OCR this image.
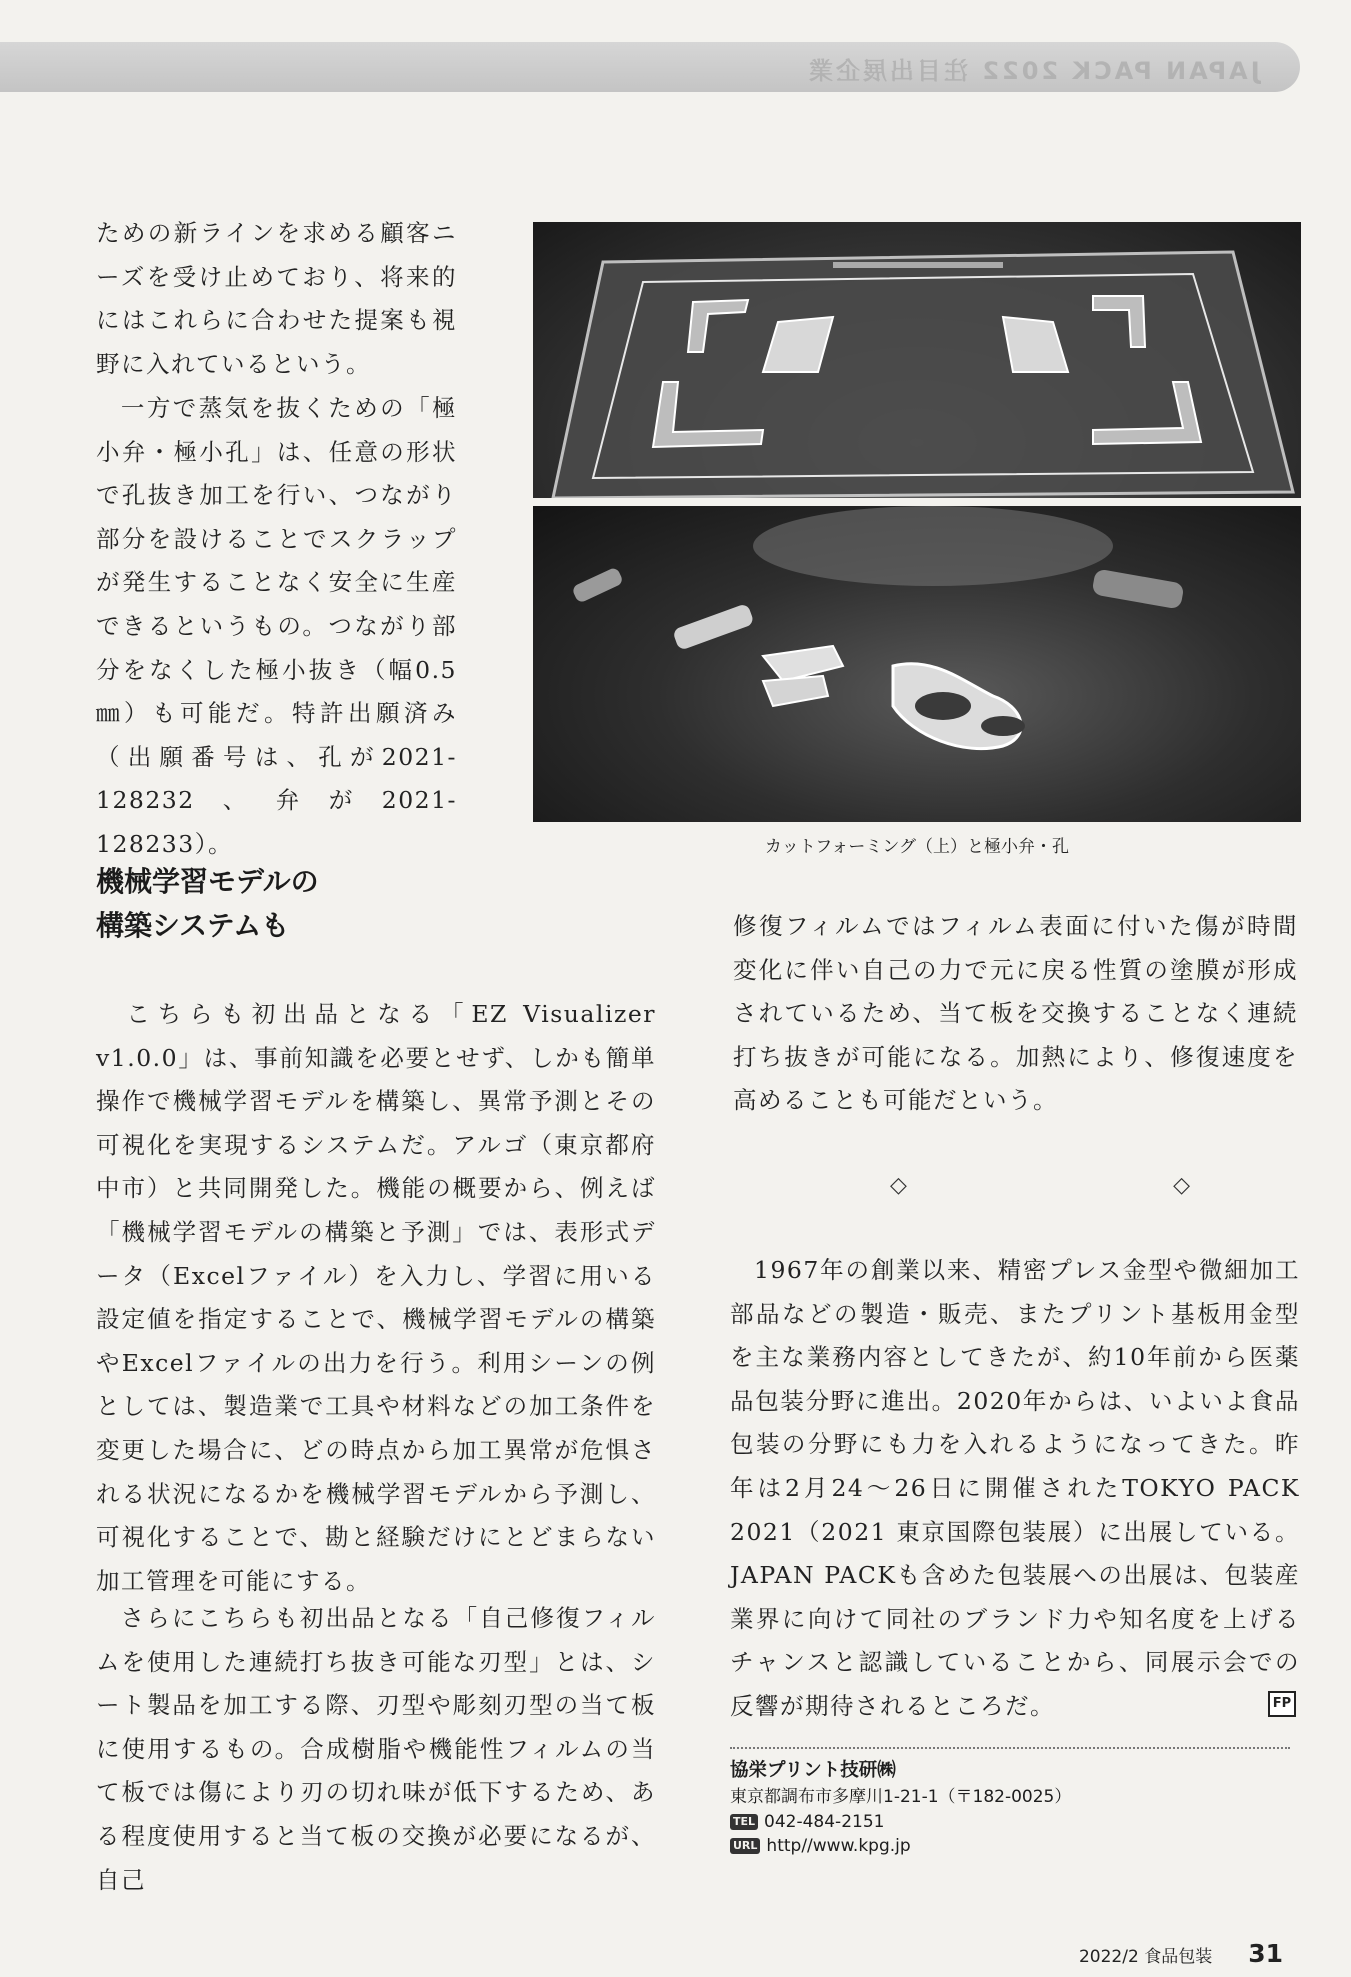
JAPAN PACK 2022 注目出展企業

ための新ラインを求める顧客ニーズを受け止めており、将来的にはこれらに合わせた提案も視野に入れているという。

一方で蒸気を抜くための「極小弁・極小孔」は、任意の形状で孔抜き加工を行い、つながり部分を設けることでスクラップが発生することなく安全に生産できるというもの。つながり部分をなくした極小抜き（幅0.5㎜）も可能だ。特許出願済み（出願番号は、孔が2021-128232、弁が2021-128233）。	カットフォーミング（上）と極小弁・孔
機械学習モデルの
構築システムも

こちらも初出品となる「EZ Visualizer v1.0.0」は、事前知識を必要とせず、しかも簡単操作で機械学習モデルを構築し、異常予測とその可視化を実現するシステムだ。アルゴ（東京都府中市）と共同開発した。機能の概要から、例えば「機械学習モデルの構築と予測」では、表形式データ（Excelファイル）を入力し、学習に用いる設定値を指定することで、機械学習モデルの構築やExcelファイルの出力を行う。利用シーンの例としては、製造業で工具や材料などの加工条件を変更した場合に、どの時点から加工異常が危惧される状況になるかを機械学習モデルから予測し、可視化することで、勘と経験だけにとどまらない加工管理を可能にする。

さらにこちらも初出品となる「自己修復フィルムを使用した連続打ち抜き可能な刃型」とは、シート製品を加工する際、刃型や彫刻刃型の当て板に使用するもの。合成樹脂や機能性フィルムの当て板では傷により刃の切れ味が低下するため、ある程度使用すると当て板の交換が必要になるが、自己

修復フィルムではフィルム表面に付いた傷が時間変化に伴い自己の力で元に戻る性質の塗膜が形成されているため、当て板を交換することなく連続打ち抜きが可能になる。加熱により、修復速度を高めることも可能だという。

◇	◇

1967年の創業以来、精密プレス金型や微細加工部品などの製造・販売、またプリント基板用金型を主な業務内容としてきたが、約10年前から医薬品包装分野に進出。2020年からは、いよいよ食品包装の分野にも力を入れるようになってきた。昨年は2月24～26日に開催されたTOKYO PACK 2021（2021 東京国際包装展）に出展している。JAPAN PACKも含めた包装展への出展は、包装産業界に向けて同社のブランド力や知名度を上げるチャンスと認識していることから、同展示会での反響が期待されるところだ。	FP
協栄プリント技研㈱
東京都調布市多摩川1-21-1（〒182-0025）
TEL 042-484-2151
URL http//www.kpg.jp
2022/2 食品包装 31
